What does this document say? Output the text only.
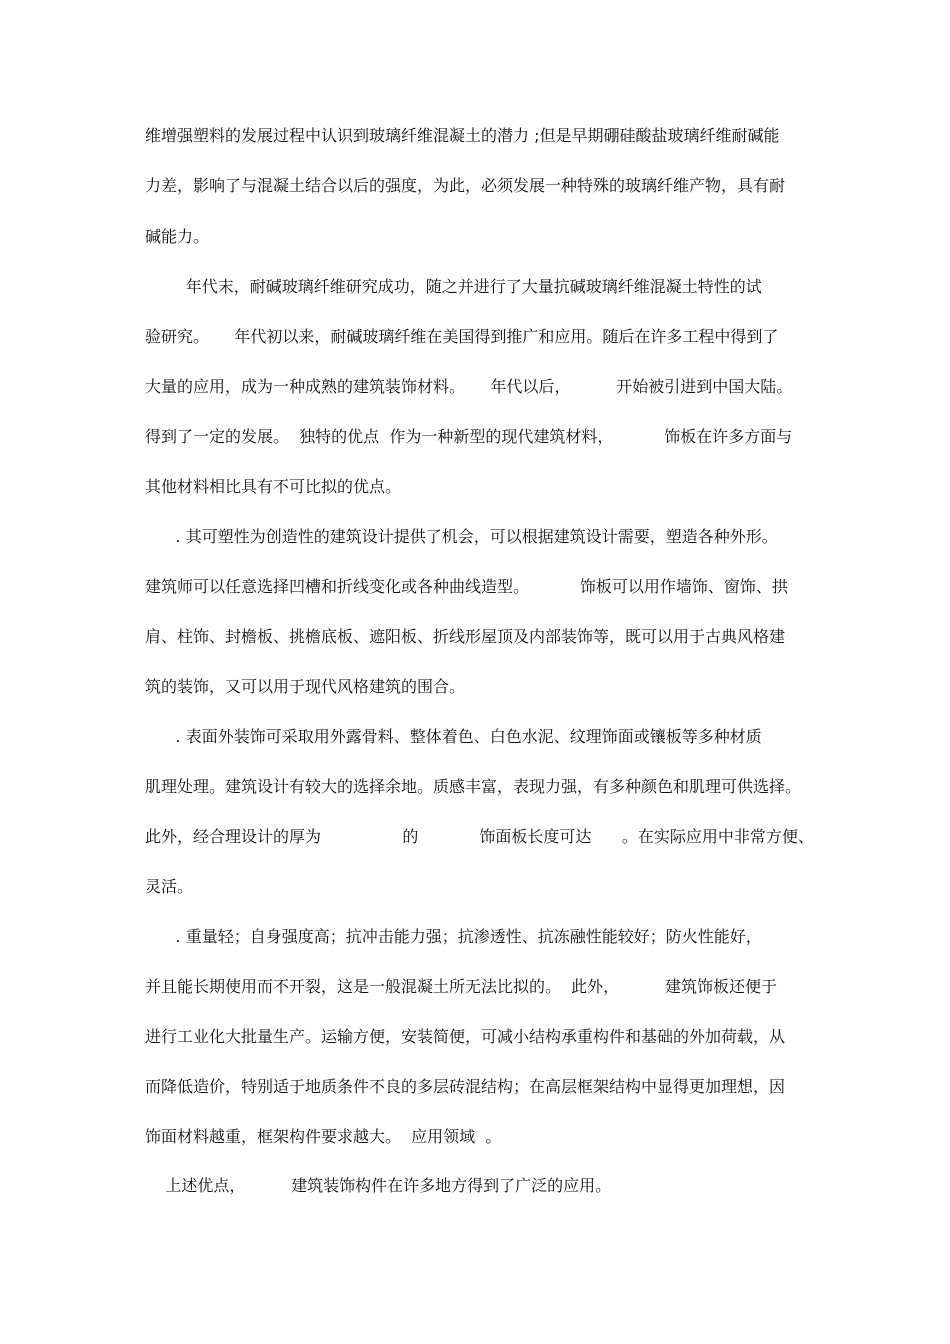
维增强塑料的发展过程中认识到玻璃纤维混凝土的潜力 ;但是早期硼硅酸盐玻璃纤维耐碱能
力差，影响了与混凝土结合以后的强度，为此，必须发展一种特殊的玻璃纤维产物，具有耐
碱能力。
年代末，耐碱玻璃纤维研究成功，随之并进行了大量抗碱玻璃纤维混凝土特性的试
验研究。     年代初以来，耐碱玻璃纤维在美国得到推广和应用。随后在许多工程中得到了
大量的应用，成为一种成熟的建筑装饰材料。     年代以后，         开始被引进到中国大陆。
得到了一定的发展。  独特的优点  作为一种新型的现代建筑材料，          饰板在许多方面与
其他材料相比具有不可比拟的优点。
. 其可塑性为创造性的建筑设计提供了机会，可以根据建筑设计需要，塑造各种外形。
建筑师可以任意选择凹槽和折线变化或各种曲线造型。          饰板可以用作墙饰、窗饰、拱
肩、柱饰、封檐板、挑檐底板、遮阳板、折线形屋顶及内部装饰等，既可以用于古典风格建
筑的装饰，又可以用于现代风格建筑的围合。
. 表面外装饰可采取用外露骨料、整体着色、白色水泥、纹理饰面或镶板等多种材质
肌理处理。建筑设计有较大的选择余地。质感丰富，表现力强，有多种颜色和肌理可供选择。
此外，经合理设计的厚为                的            饰面板长度可达      。在实际应用中非常方便、
灵活。
. 重量轻；自身强度高；抗冲击能力强；抗渗透性、抗冻融性能较好；防火性能好，
并且能长期使用而不开裂，这是一般混凝土所无法比拟的。  此外，         建筑饰板还便于
进行工业化大批量生产。运输方便，安装简便，可减小结构承重构件和基础的外加荷载，从
而降低造价，特别适于地质条件不良的多层砖混结构；在高层框架结构中显得更加理想，因
饰面材料越重，框架构件要求越大。  应用领域  。
上述优点，         建筑装饰构件在许多地方得到了广泛的应用。
